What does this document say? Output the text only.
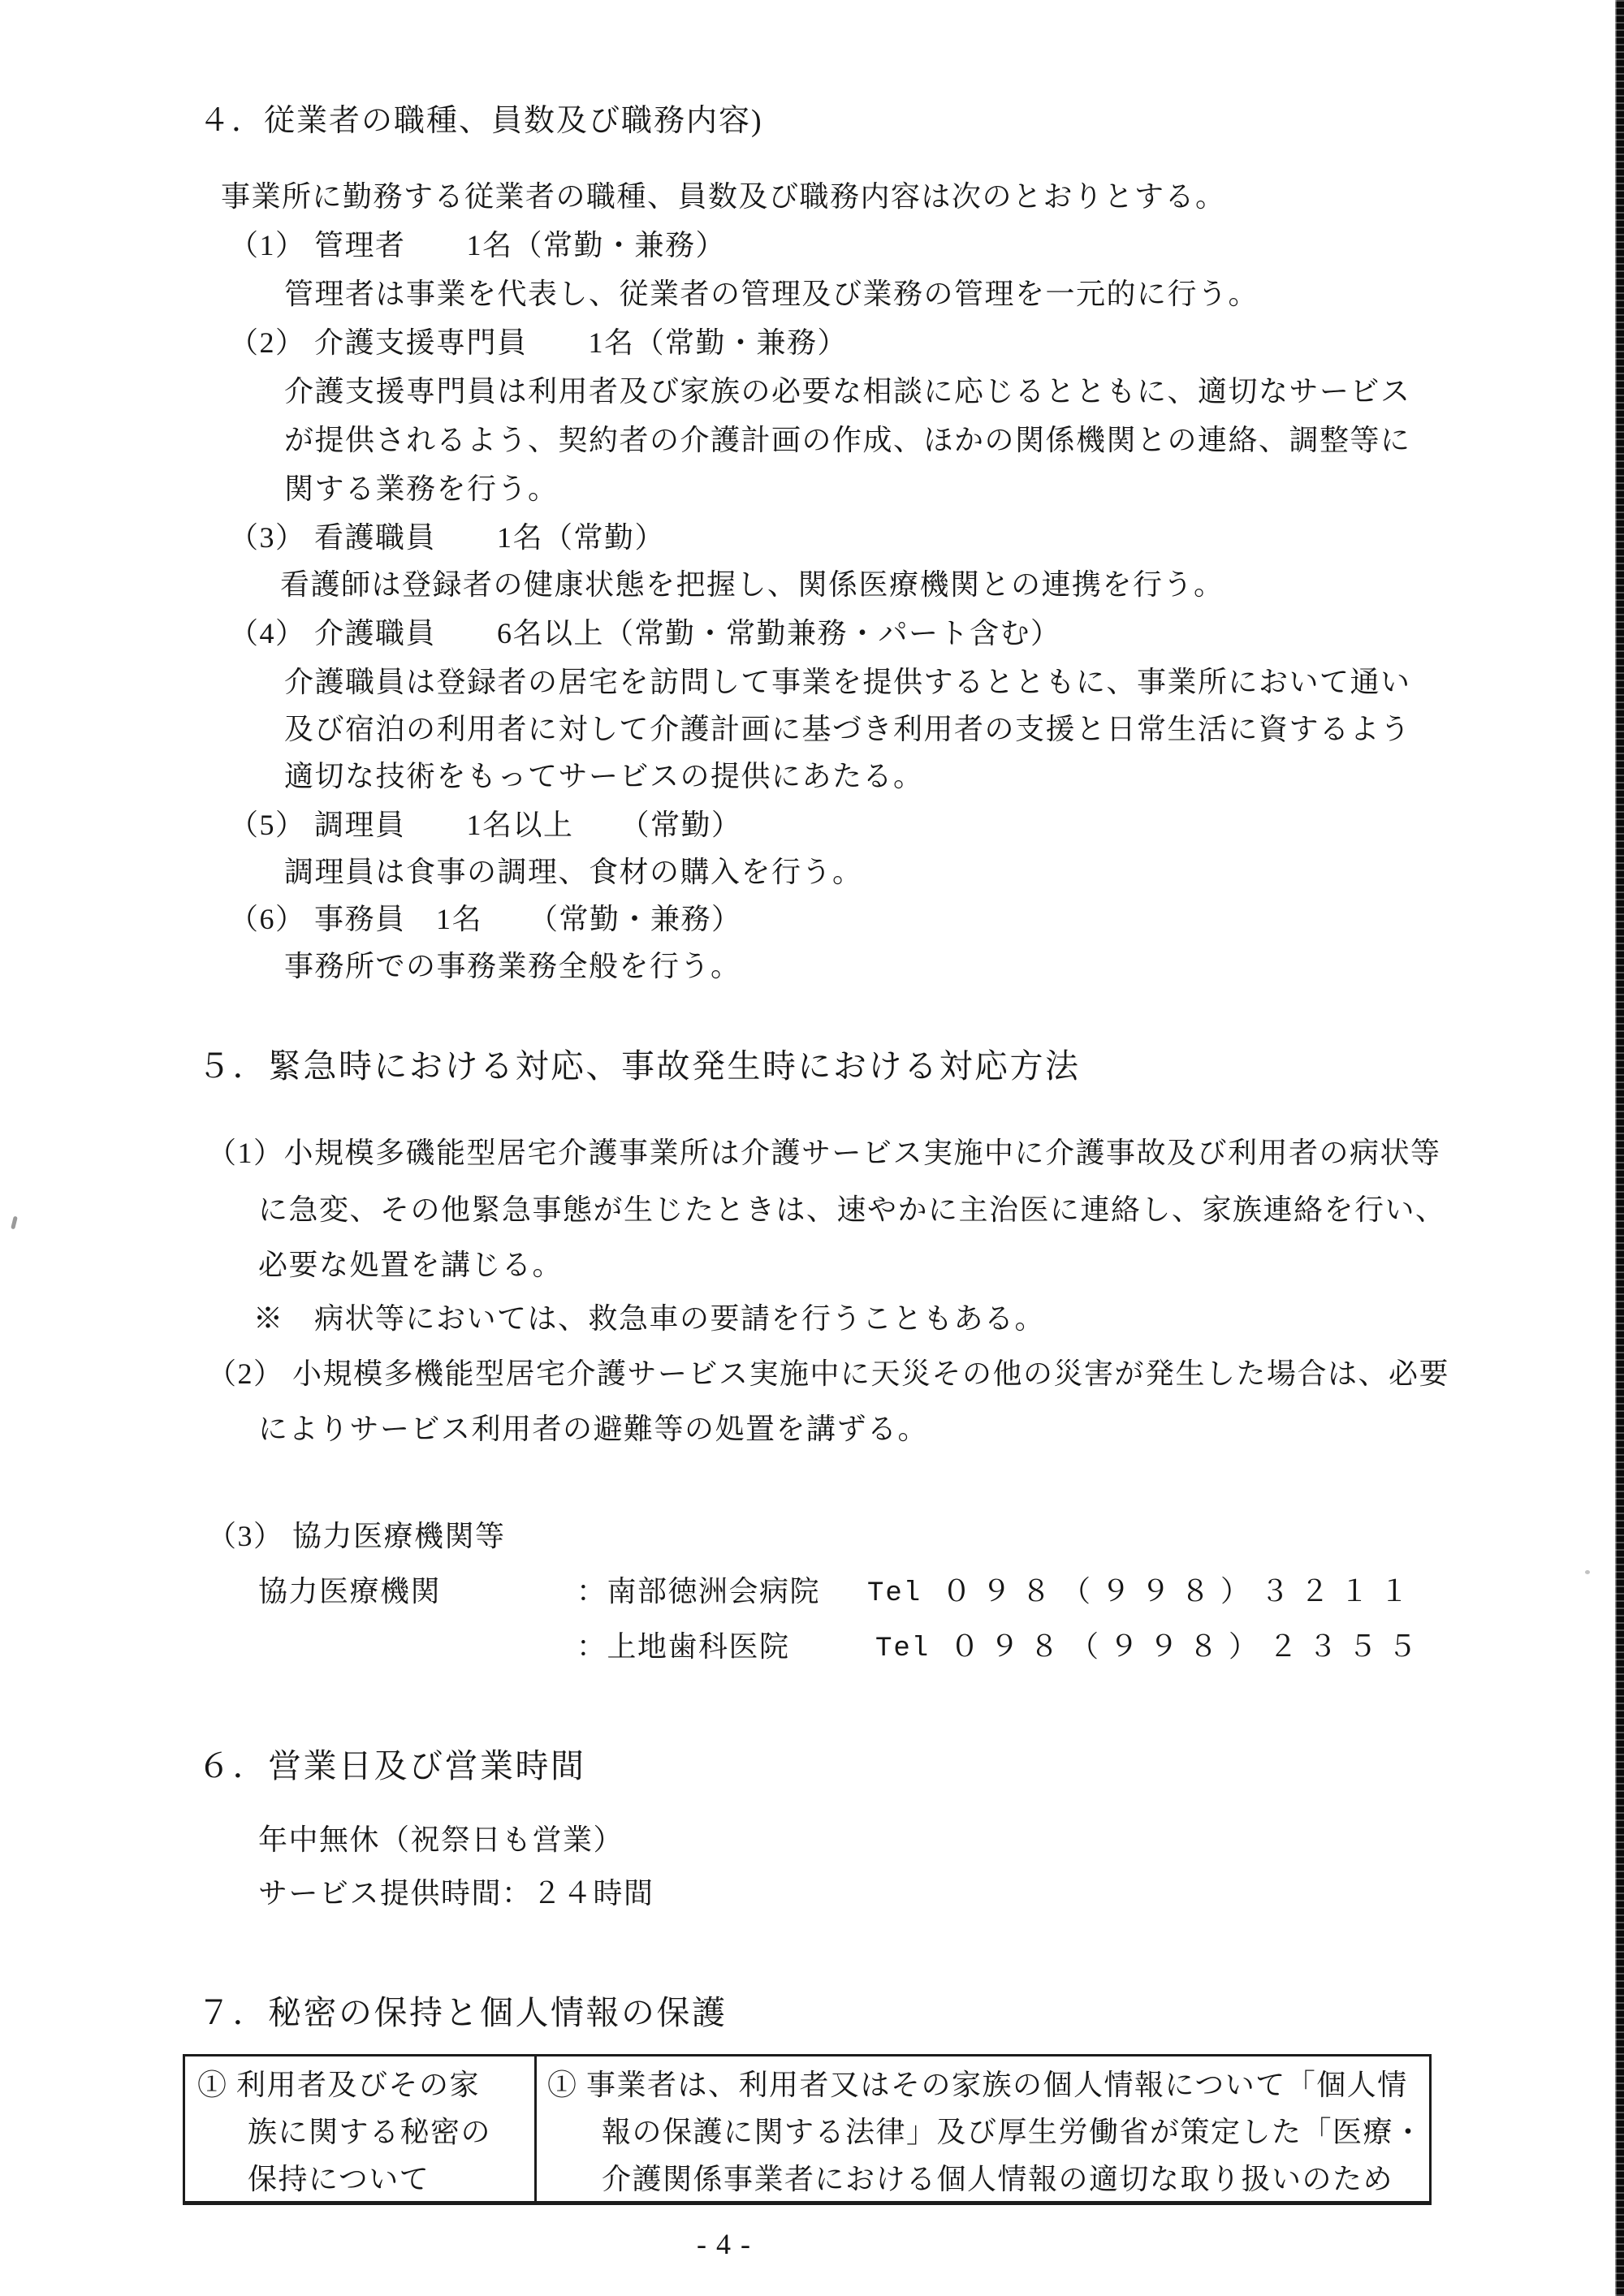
４．従業者の職種、員数及び職務内容)
事業所に勤務する従業者の職種、員数及び職務内容は次のとおりとする。
（1） 管理者　　1名（常勤・兼務）
管理者は事業を代表し、従業者の管理及び業務の管理を一元的に行う。
（2） 介護支援専門員　　1名（常勤・兼務）
介護支援専門員は利用者及び家族の必要な相談に応じるとともに、適切なサービス
が提供されるよう、契約者の介護計画の作成、ほかの関係機関との連絡、調整等に
関する業務を行う。
（3） 看護職員　　1名（常勤）
看護師は登録者の健康状態を把握し、関係医療機関との連携を行う。
（4） 介護職員　　6名以上（常勤・常勤兼務・パート含む）
介護職員は登録者の居宅を訪問して事業を提供するとともに、事業所において通い
及び宿泊の利用者に対して介護計画に基づき利用者の支援と日常生活に資するよう
適切な技術をもってサービスの提供にあたる。
（5） 調理員　　1名以上　　（常勤）
調理員は食事の調理、食材の購入を行う。
（6） 事務員　1名　　（常勤・兼務）
事務所での事務業務全般を行う。
５．緊急時における対応、事故発生時における対応方法
（1）小規模多磯能型居宅介護事業所は介護サービス実施中に介護事故及び利用者の病状等
に急変、その他緊急事態が生じたときは、速やかに主治医に連絡し、家族連絡を行い、
必要な処置を講じる。
※　病状等においては、救急車の要請を行うこともある。
（2） 小規模多機能型居宅介護サービス実施中に天災その他の災害が発生した場合は、必要
によりサービス利用者の避難等の処置を講ずる。
（3） 協力医療機関等
協力医療機関	：南部徳洲会病院 Tel ０９８（９９８）３２１１
：上地歯科医院	Tel ０９８（９９８）２３５５
６．営業日及び営業時間
年中無休（祝祭日も営業）
サービス提供時間：２４時間
７．秘密の保持と個人情報の保護
① 利用者及びその家
族に関する秘密の
保持について
① 事業者は、利用者又はその家族の個人情報について「個人情
報の保護に関する法律」及び厚生労働省が策定した「医療・
介護関係事業者における個人情報の適切な取り扱いのため
- 4 -
